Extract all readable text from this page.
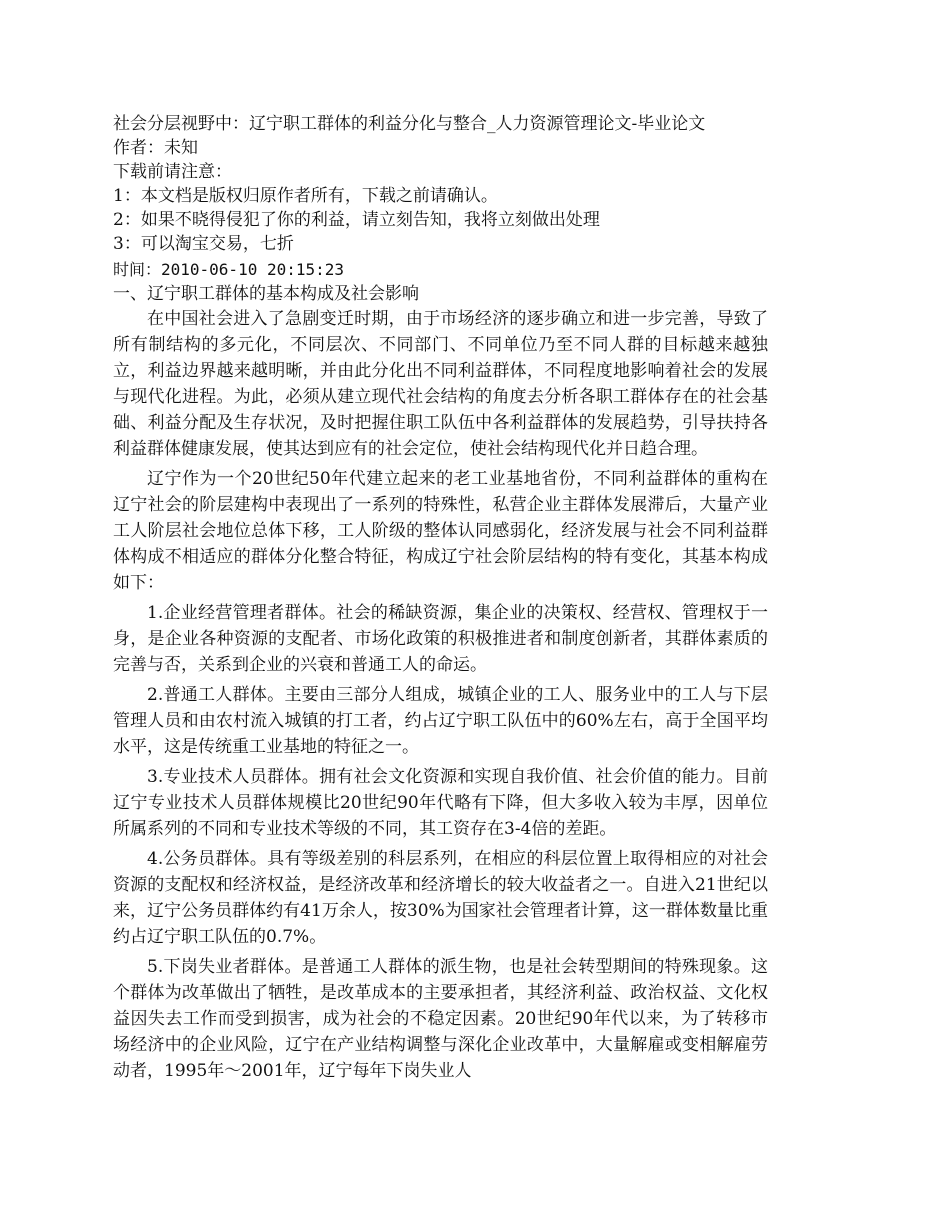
社会分层视野中：辽宁职工群体的利益分化与整合_人力资源管理论文-毕业论文
作者：未知
下载前请注意：
1：本文档是版权归原作者所有，下载之前请确认。
2：如果不晓得侵犯了你的利益，请立刻告知，我将立刻做出处理
3：可以淘宝交易，七折
时间：2010-06-10 20:15:23
一、辽宁职工群体的基本构成及社会影响

在中国社会进入了急剧变迁时期，由于市场经济的逐步确立和进一步完善，导致了所有制结构的多元化，不同层次、不同部门、不同单位乃至不同人群的目标越来越独立，利益边界越来越明晰，并由此分化出不同利益群体，不同程度地影响着社会的发展与现代化进程。为此，必须从建立现代社会结构的角度去分析各职工群体存在的社会基础、利益分配及生存状况，及时把握住职工队伍中各利益群体的发展趋势，引导扶持各利益群体健康发展，使其达到应有的社会定位，使社会结构现代化并日趋合理。

辽宁作为一个20世纪50年代建立起来的老工业基地省份，不同利益群体的重构在辽宁社会的阶层建构中表现出了一系列的特殊性，私营企业主群体发展滞后，大量产业工人阶层社会地位总体下移，工人阶级的整体认同感弱化，经济发展与社会不同利益群体构成不相适应的群体分化整合特征，构成辽宁社会阶层结构的特有变化，其基本构成如下：

1.企业经营管理者群体。社会的稀缺资源，集企业的决策权、经营权、管理权于一身，是企业各种资源的支配者、市场化政策的积极推进者和制度创新者，其群体素质的完善与否，关系到企业的兴衰和普通工人的命运。

2.普通工人群体。主要由三部分人组成，城镇企业的工人、服务业中的工人与下层管理人员和由农村流入城镇的打工者，约占辽宁职工队伍中的60%左右，高于全国平均水平，这是传统重工业基地的特征之一。

3.专业技术人员群体。拥有社会文化资源和实现自我价值、社会价值的能力。目前辽宁专业技术人员群体规模比20世纪90年代略有下降，但大多收入较为丰厚，因单位所属系列的不同和专业技术等级的不同，其工资存在3-4倍的差距。

4.公务员群体。具有等级差别的科层系列，在相应的科层位置上取得相应的对社会资源的支配权和经济权益，是经济改革和经济增长的较大收益者之一。自进入21世纪以来，辽宁公务员群体约有41万余人，按30%为国家社会管理者计算，这一群体数量比重约占辽宁职工队伍的0.7%。

5.下岗失业者群体。是普通工人群体的派生物，也是社会转型期间的特殊现象。这个群体为改革做出了牺牲，是改革成本的主要承担者，其经济利益、政治权益、文化权益因失去工作而受到损害，成为社会的不稳定因素。20世纪90年代以来，为了转移市场经济中的企业风险，辽宁在产业结构调整与深化企业改革中，大量解雇或变相解雇劳动者，1995年～2001年，辽宁每年下岗失业人
